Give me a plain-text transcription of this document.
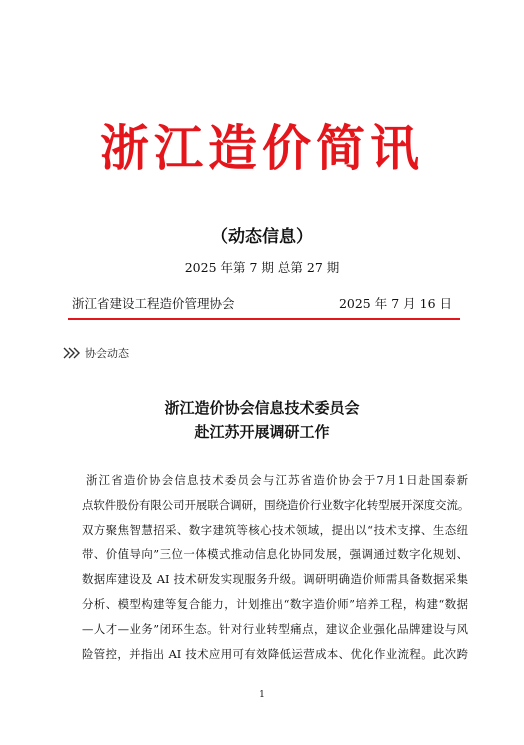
浙江造价简讯
（动态信息）
2025 年第 7 期 总第 27 期
浙江省建设工程造价管理协会	2025 年 7 月 16 日
协会动态
浙江造价协会信息技术委员会
赴江苏开展调研工作
浙江省造价协会信息技术委员会与江苏省造价协会于7月1日赴国泰新
点软件股份有限公司开展联合调研，围绕造价行业数字化转型展开深度交流。
双方聚焦智慧招采、数字建筑等核心技术领域，提出以“技术支撑、生态纽
带、价值导向”三位一体模式推动信息化协同发展，强调通过数字化规划、
数据库建设及 AI 技术研发实现服务升级。调研明确造价师需具备数据采集
分析、模型构建等复合能力，计划推出“数字造价师”培养工程，构建“数据
—人才—业务”闭环生态。针对行业转型痛点，建议企业强化品牌建设与风
险管控，并指出 AI 技术应用可有效降低运营成本、优化作业流程。此次跨
1
